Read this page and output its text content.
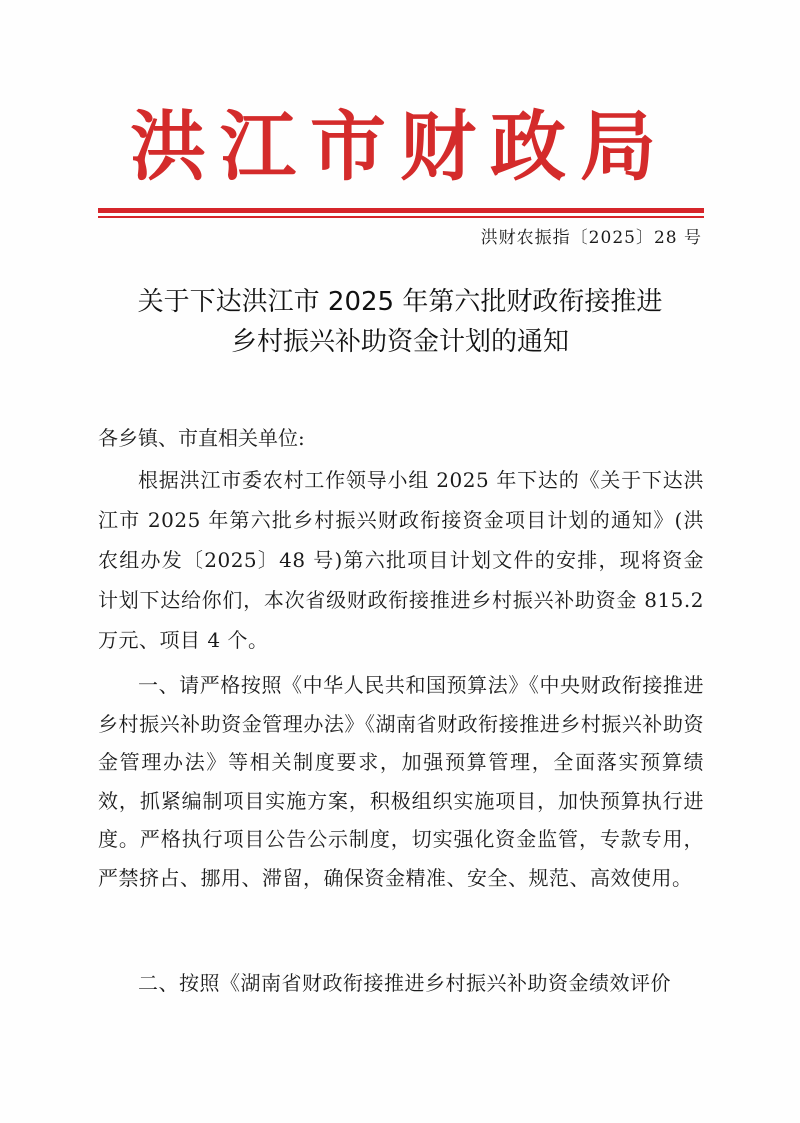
洪江市财政局
洪财农振指〔2025〕28 号
关于下达洪江市 2025 年第六批财政衔接推进
乡村振兴补助资金计划的通知
各乡镇、市直相关单位:
根据洪江市委农村工作领导小组 2025 年下达的《关于下达洪江市 2025 年第六批乡村振兴财政衔接资金项目计划的通知》(洪农组办发〔2025〕48 号)第六批项目计划文件的安排，现将资金计划下达给你们，本次省级财政衔接推进乡村振兴补助资金 815.2 万元、项目 4 个。
一、请严格按照《中华人民共和国预算法》《中央财政衔接推进乡村振兴补助资金管理办法》《湖南省财政衔接推进乡村振兴补助资金管理办法》等相关制度要求，加强预算管理，全面落实预算绩效，抓紧编制项目实施方案，积极组织实施项目，加快预算执行进度。严格执行项目公告公示制度，切实强化资金监管，专款专用，严禁挤占、挪用、滞留，确保资金精准、安全、规范、高效使用。
二、按照《湖南省财政衔接推进乡村振兴补助资金绩效评价
